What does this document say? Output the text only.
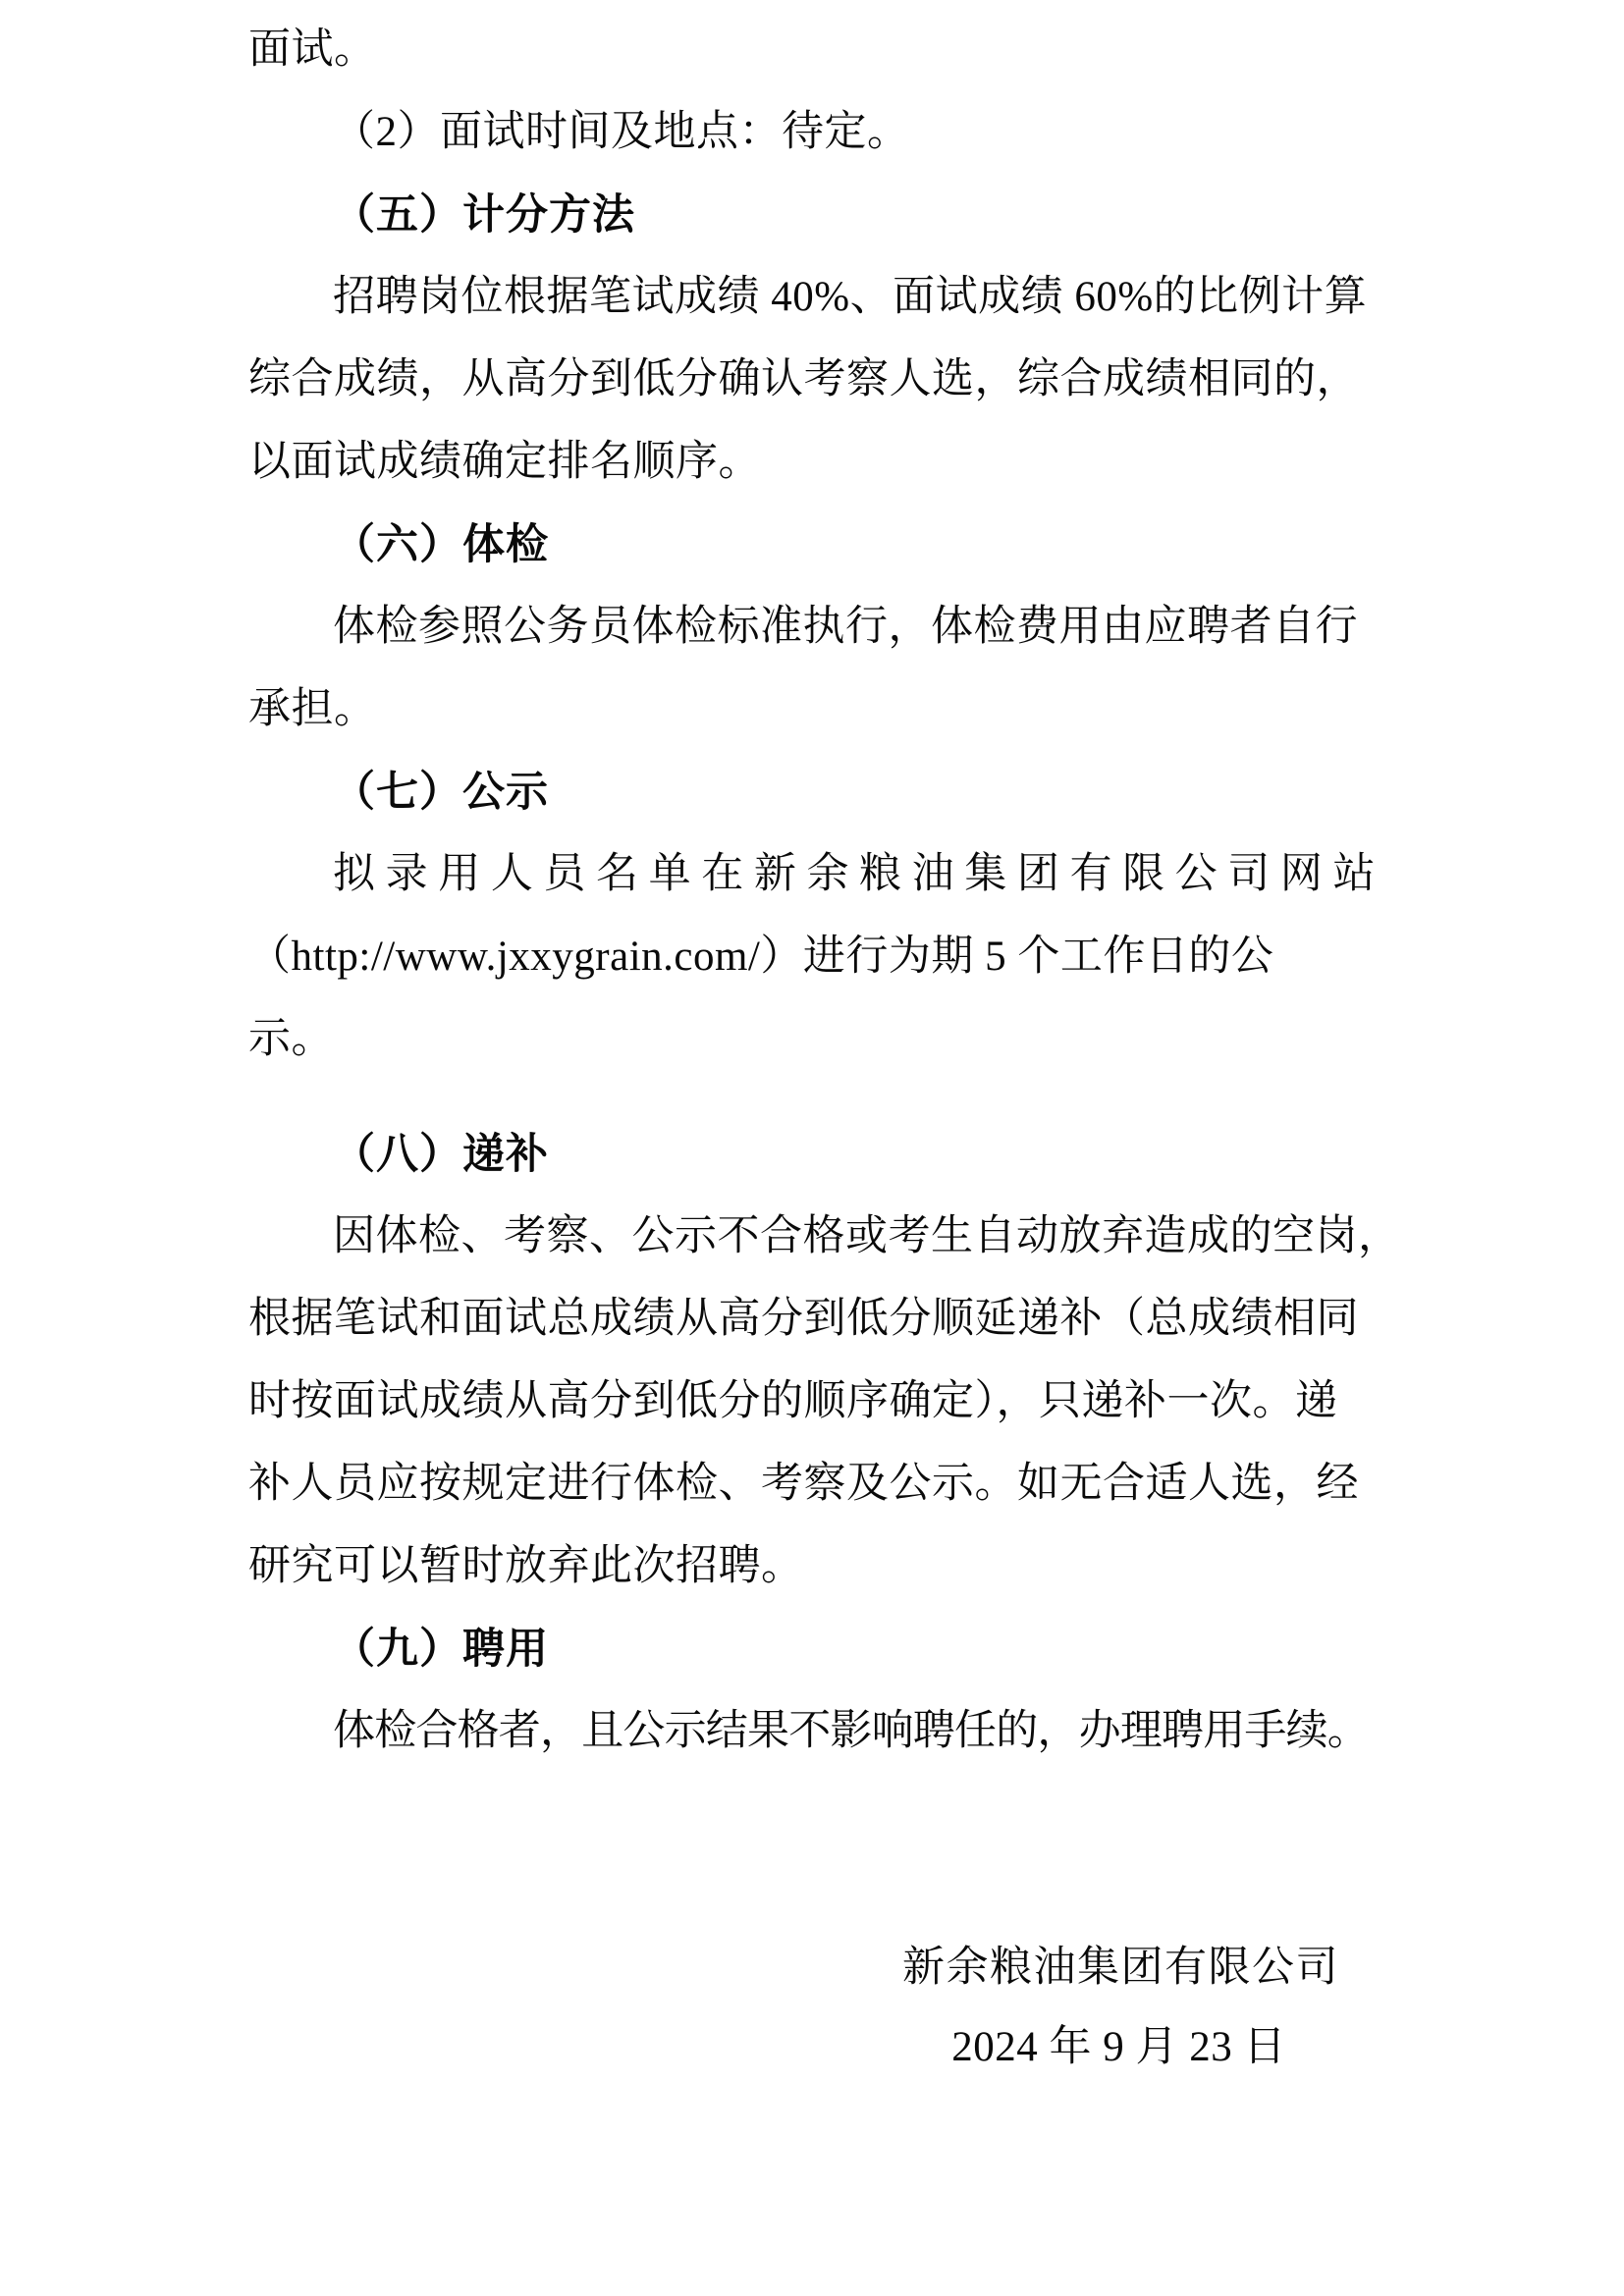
面试。
（2）面试时间及地点：待定。
（五）计分方法
招聘岗位根据笔试成绩 40%、面试成绩 60%的比例计算
综合成绩，从高分到低分确认考察人选，综合成绩相同的，
以面试成绩确定排名顺序。
（六）体检
体检参照公务员体检标准执行，体检费用由应聘者自行
承担。
（七）公示
拟录用人员名单在新余粮油集团有限公司网站
（http://www.jxxygrain.com/）进行为期 5 个工作日的公
示。
（八）递补
因体检、考察、公示不合格或考生自动放弃造成的空岗，
根据笔试和面试总成绩从高分到低分顺延递补（总成绩相同
时按面试成绩从高分到低分的顺序确定），只递补一次。递
补人员应按规定进行体检、考察及公示。如无合适人选，经
研究可以暂时放弃此次招聘。
（九）聘用
体检合格者，且公示结果不影响聘任的，办理聘用手续。
新余粮油集团有限公司
2024 年 9 月 23 日
